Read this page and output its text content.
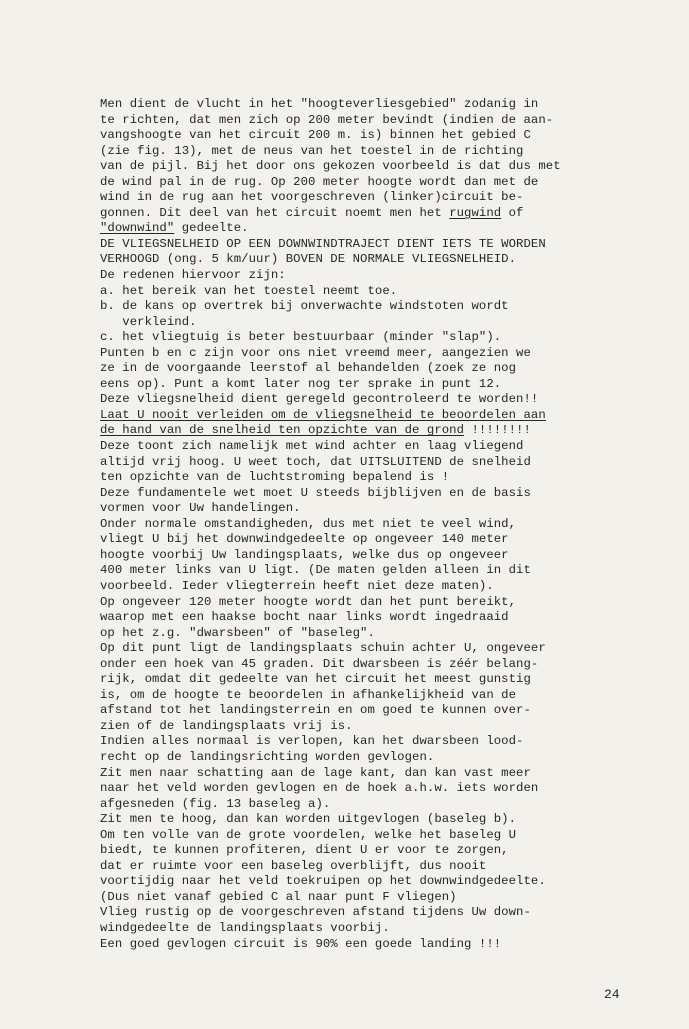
Men dient de vlucht in het "hoogteverliesgebied" zodanig in
te richten, dat men zich op 200 meter bevindt (indien de aan-
vangshoogte van het circuit 200 m. is) binnen het gebied C
(zie fig. 13), met de neus van het toestel in de richting
van de pijl. Bij het door ons gekozen voorbeeld is dat dus met
de wind pal in de rug. Op 200 meter hoogte wordt dan met de
wind in de rug aan het voorgeschreven (linker)circuit be-
gonnen. Dit deel van het circuit noemt men het rugwind of
"downwind" gedeelte.
DE VLIEGSNELHEID OP EEN DOWNWINDTRAJECT DIENT IETS TE WORDEN
VERHOOGD (ong. 5 km/uur) BOVEN DE NORMALE VLIEGSNELHEID.
De redenen hiervoor zijn:
a. het bereik van het toestel neemt toe.
b. de kans op overtrek bij onverwachte windstoten wordt
verkleind.
c. het vliegtuig is beter bestuurbaar (minder "slap").
Punten b en c zijn voor ons niet vreemd meer, aangezien we
ze in de voorgaande leerstof al behandelden (zoek ze nog
eens op). Punt a komt later nog ter sprake in punt 12.
Deze vliegsnelheid dient geregeld gecontroleerd te worden!!
Laat U nooit verleiden om de vliegsnelheid te beoordelen aan
de hand van de snelheid ten opzichte van de grond !!!!!!!!
Deze toont zich namelijk met wind achter en laag vliegend
altijd vrij hoog. U weet toch, dat UITSLUITEND de snelheid
ten opzichte van de luchtstroming bepalend is !
Deze fundamentele wet moet U steeds bijblijven en de basis
vormen voor Uw handelingen.
Onder normale omstandigheden, dus met niet te veel wind,
vliegt U bij het downwindgedeelte op ongeveer 140 meter
hoogte voorbij Uw landingsplaats, welke dus op ongeveer
400 meter links van U ligt. (De maten gelden alleen in dit
voorbeeld. Ieder vliegterrein heeft niet deze maten).
Op ongeveer 120 meter hoogte wordt dan het punt bereikt,
waarop met een haakse bocht naar links wordt ingedraaid
op het z.g. "dwarsbeen" of "baseleg".
Op dit punt ligt de landingsplaats schuin achter U, ongeveer
onder een hoek van 45 graden. Dit dwarsbeen is zéér belang-
rijk, omdat dit gedeelte van het circuit het meest gunstig
is, om de hoogte te beoordelen in afhankelijkheid van de
afstand tot het landingsterrein en om goed te kunnen over-
zien of de landingsplaats vrij is.
Indien alles normaal is verlopen, kan het dwarsbeen lood-
recht op de landingsrichting worden gevlogen.
Zit men naar schatting aan de lage kant, dan kan vast meer
naar het veld worden gevlogen en de hoek a.h.w. iets worden
afgesneden (fig. 13 baseleg a).
Zit men te hoog, dan kan worden uitgevlogen (baseleg b).
Om ten volle van de grote voordelen, welke het baseleg U
biedt, te kunnen profiteren, dient U er voor te zorgen,
dat er ruimte voor een baseleg overblijft, dus nooit
voortijdig naar het veld toekruipen op het downwindgedeelte.
(Dus niet vanaf gebied C al naar punt F vliegen)
Vlieg rustig op de voorgeschreven afstand tijdens Uw down-
windgedeelte de landingsplaats voorbij.
Een goed gevlogen circuit is 90% een goede landing !!!
24
